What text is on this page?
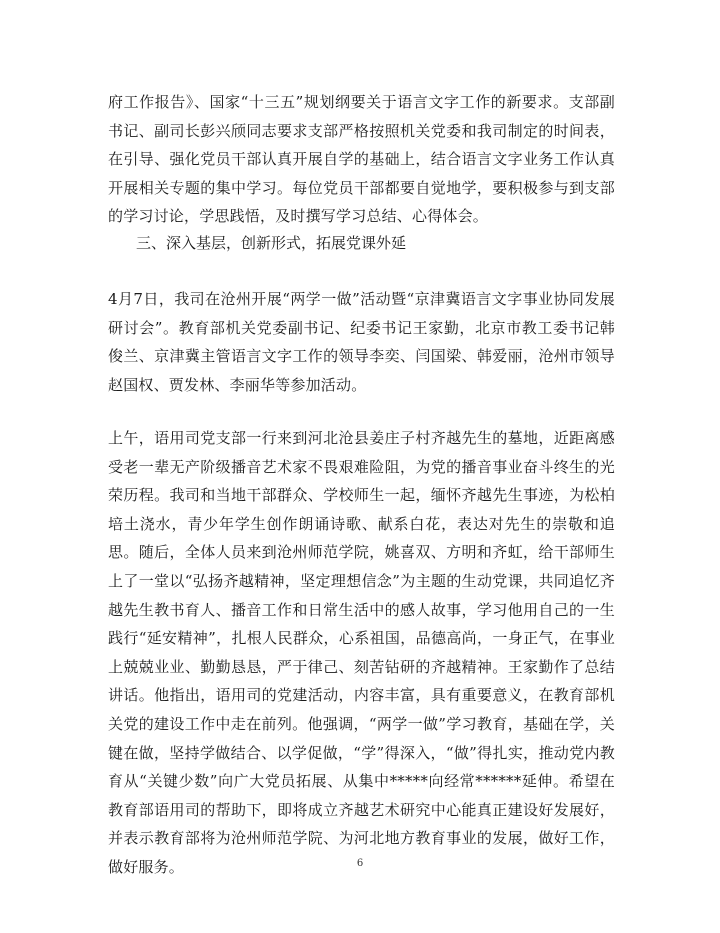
府工作报告》、国家“十三五”规划纲要关于语言文字工作的新要求。支部副书记、副司长彭兴颀同志要求支部严格按照机关党委和我司制定的时间表，在引导、强化党员干部认真开展自学的基础上，结合语言文字业务工作认真开展相关专题的集中学习。每位党员干部都要自觉地学，要积极参与到支部的学习讨论，学思践悟，及时撰写学习总结、心得体会。

三、深入基层，创新形式，拓展党课外延

4月7日，我司在沧州开展“两学一做”活动暨“京津冀语言文字事业协同发展研讨会”。教育部机关党委副书记、纪委书记王家勤，北京市教工委书记韩俊兰、京津冀主管语言文字工作的领导李奕、闫国梁、韩爱丽，沧州市领导赵国权、贾发林、李丽华等参加活动。

上午，语用司党支部一行来到河北沧县姜庄子村齐越先生的墓地，近距离感受老一辈无产阶级播音艺术家不畏艰难险阻，为党的播音事业奋斗终生的光荣历程。我司和当地干部群众、学校师生一起，缅怀齐越先生事迹，为松柏培土浇水，青少年学生创作朗诵诗歌、献系白花，表达对先生的崇敬和追思。随后，全体人员来到沧州师范学院，姚喜双、方明和齐虹，给干部师生上了一堂以“弘扬齐越精神，坚定理想信念”为主题的生动党课，共同追忆齐越先生教书育人、播音工作和日常生活中的感人故事，学习他用自己的一生践行“延安精神”，扎根人民群众，心系祖国，品德高尚，一身正气，在事业上兢兢业业、勤勤恳恳，严于律己、刻苦钻研的齐越精神。王家勤作了总结讲话。他指出，语用司的党建活动，内容丰富，具有重要意义，在教育部机关党的建设工作中走在前列。他强调，“两学一做”学习教育，基础在学，关键在做，坚持学做结合、以学促做，“学”得深入，“做”得扎实，推动党内教育从“关键少数”向广大党员拓展、从集中*****向经常******延伸。希望在教育部语用司的帮助下，即将成立齐越艺术研究中心能真正建设好发展好，并表示教育部将为沧州师范学院、为河北地方教育事业的发展，做好工作，做好服务。	6
